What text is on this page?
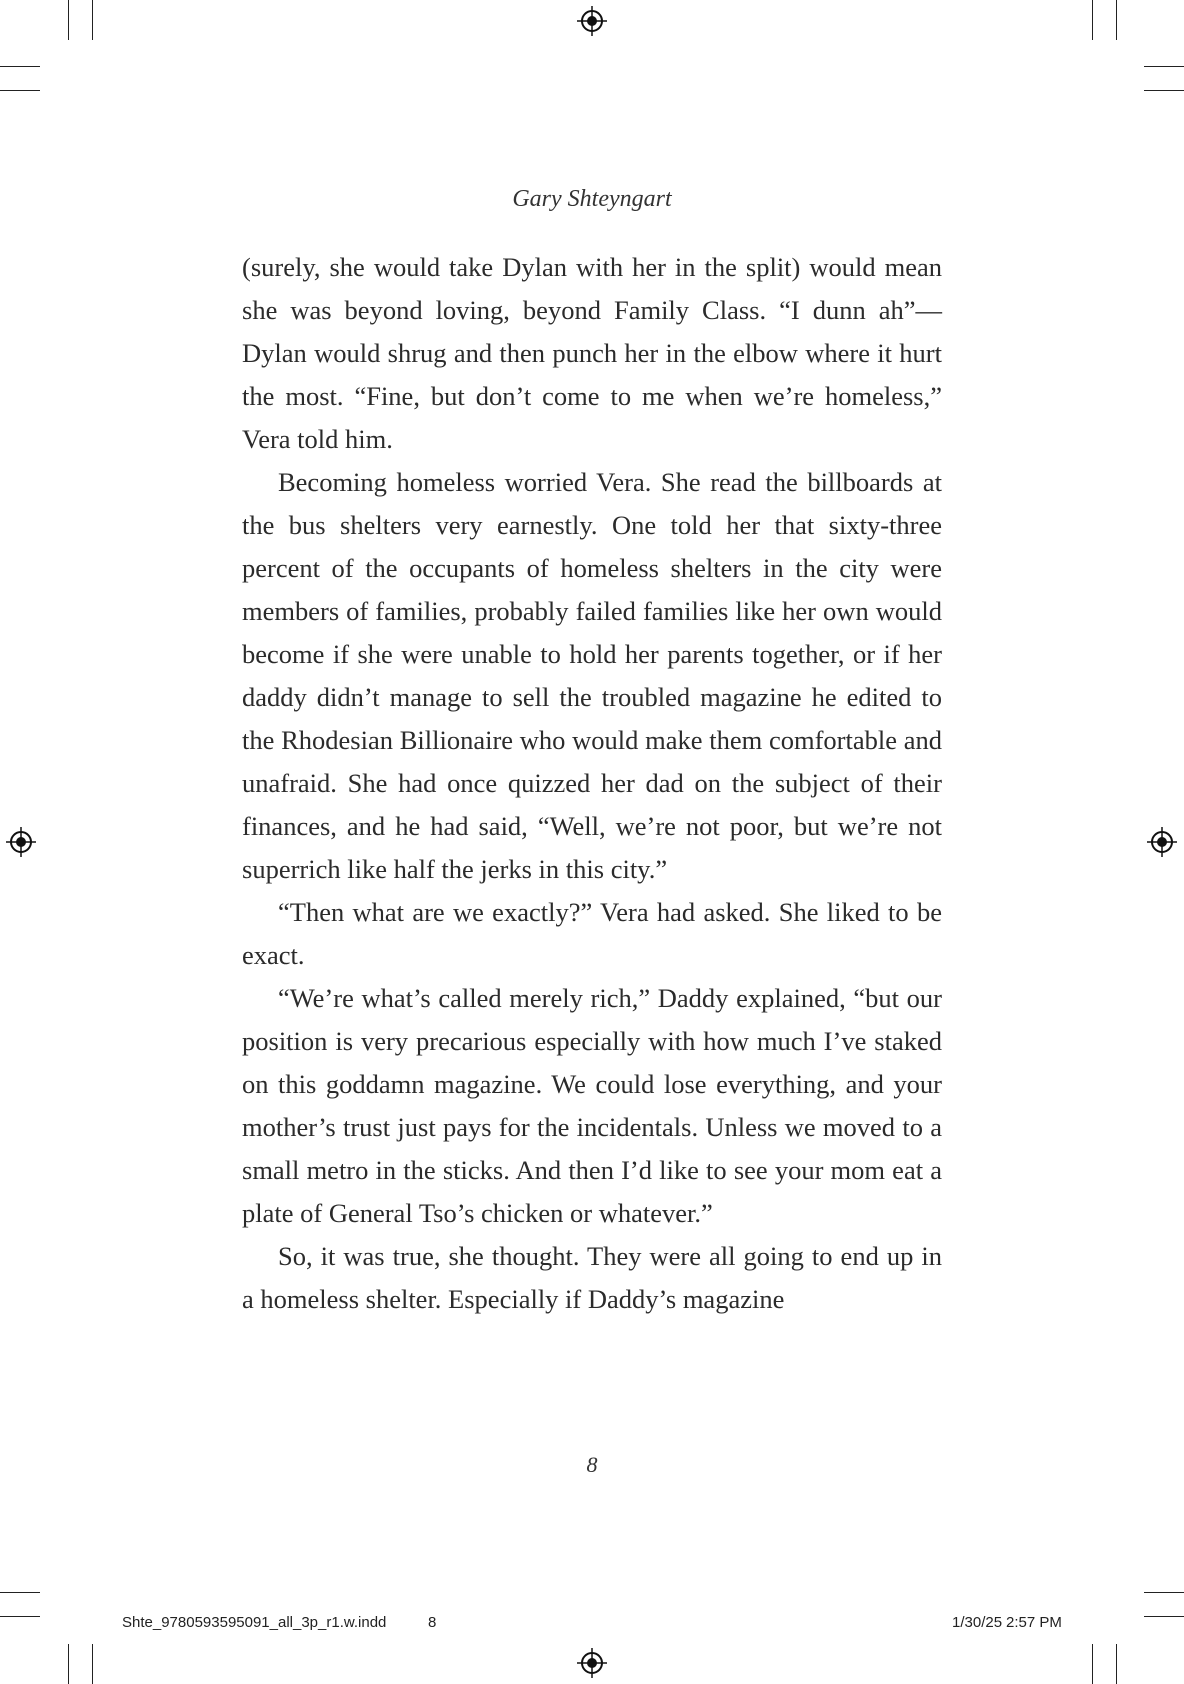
Gary Shteyngart

(surely, she would take Dylan with her in the split) would mean she was beyond loving, beyond Family Class. “I dunn ah”—Dylan would shrug and then punch her in the elbow where it hurt the most. “Fine, but don’t come to me when we’re homeless,” Vera told him.

Becoming homeless worried Vera. She read the billboards at the bus shelters very earnestly. One told her that sixty-three percent of the occupants of homeless shelters in the city were members of families, probably failed families like her own would become if she were unable to hold her parents together, or if her daddy didn’t manage to sell the troubled magazine he edited to the Rhodesian Billionaire who would make them comfortable and unafraid. She had once quizzed her dad on the subject of their finances, and he had said, “Well, we’re not poor, but we’re not superrich like half the jerks in this city.”

“Then what are we exactly?” Vera had asked. She liked to be exact.

“We’re what’s called merely rich,” Daddy explained, “but our position is very precarious especially with how much I’ve staked on this goddamn magazine. We could lose everything, and your mother’s trust just pays for the incidentals. Unless we moved to a small metro in the sticks. And then I’d like to see your mom eat a plate of General Tso’s chicken or whatever.”

So, it was true, she thought. They were all going to end up in a homeless shelter. Especially if Daddy’s magazine

8
Shte_9780593595091_all_3p_r1.w.indd	8	1/30/25 2:57 PM
